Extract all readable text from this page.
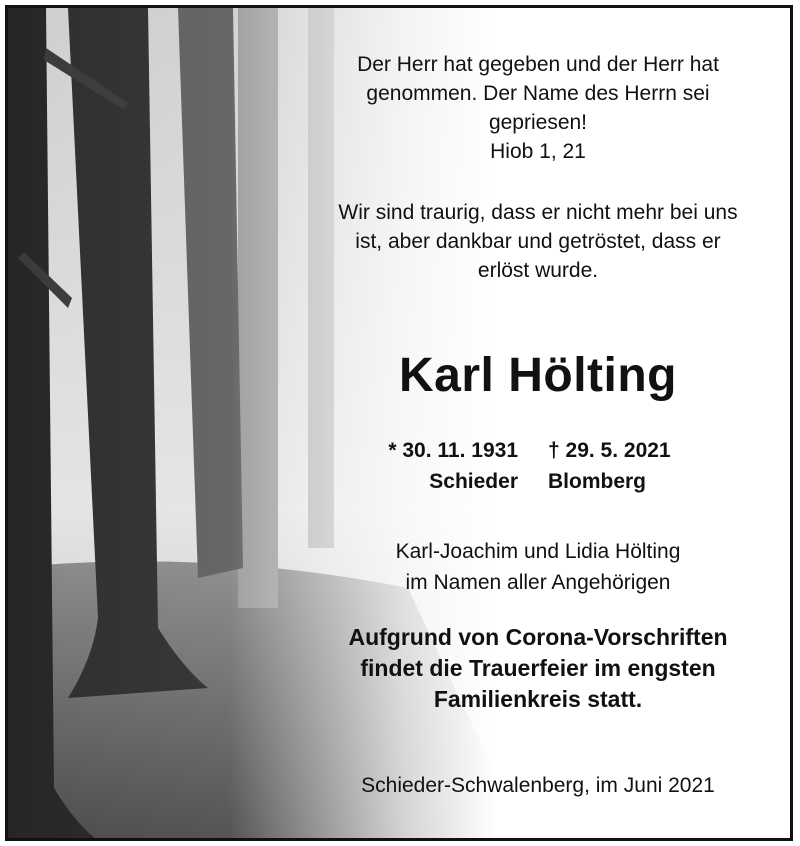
Der Herr hat gegeben und der Herr hat
genommen. Der Name des Herrn sei
gepriesen!
Hiob 1, 21
Wir sind traurig, dass er nicht mehr bei uns
ist, aber dankbar und getröstet, dass er
erlöst wurde.
Karl Hölting
* 30. 11. 1931
Schieder
† 29. 5. 2021
Blomberg
Karl-Joachim und Lidia Hölting
im Namen aller Angehörigen
Aufgrund von Corona-Vorschriften
findet die Trauerfeier im engsten
Familienkreis statt.
Schieder-Schwalenberg, im Juni 2021
